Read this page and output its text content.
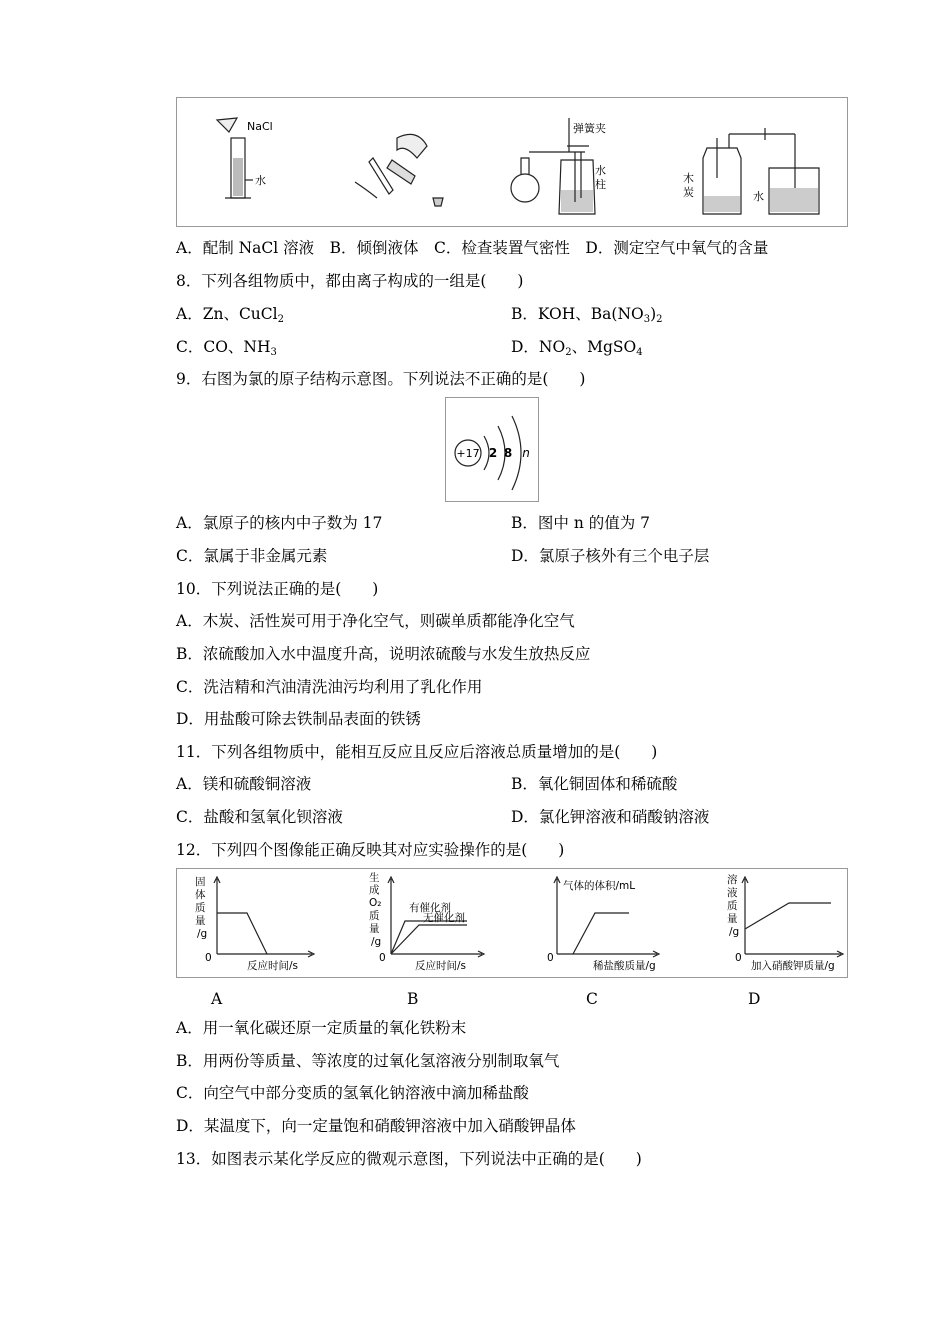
NaCl
水
弹簧夹
水
柱	木
炭	水
A．配制 NaCl 溶液　B．倾倒液体　C．检查装置气密性　D．测定空气中氧气的含量
8．下列各组物质中，都由离子构成的一组是(　　)
A．Zn、CuCl$_2$	B．KOH、$Ba(NO_3)_2$
C．CO、$NH_3$	D．$NO_2$、MgSO$_4$
9．右图为氯的原子结构示意图。下列说法不正确的是(　　)
+17 2 8 n
A．氯原子的核内中子数为 17	B．图中 n 的值为 7
C．氯属于非金属元素	D．氯原子核外有三个电子层
10．下列说法正确的是(　　)
A．木炭、活性炭可用于净化空气，则碳单质都能净化空气
B．浓硫酸加入水中温度升高，说明浓硫酸与水发生放热反应
C．洗洁精和汽油清洗油污均利用了乳化作用
D．用盐酸可除去铁制品表面的铁锈
11．下列各组物质中，能相互反应且反应后溶液总质量增加的是(　　)
A．镁和硫酸铜溶液	B．氧化铜固体和稀硫酸
C．盐酸和氢氧化钡溶液	D．氯化钾溶液和硝酸钠溶液
12．下列四个图像能正确反映其对应实验操作的是(　　)
固
体
质
量
/g
0
反应时间/s
生
成
O₂
质
量
/g
0
有催化剂
无催化剂
反应时间/s
气体的体积/mL
0
稀盐酸质量/g
溶
液
质
量
/g
0
加入硝酸钾质量/g
A	B	C	D
A．用一氧化碳还原一定质量的氧化铁粉末
B．用两份等质量、等浓度的过氧化氢溶液分别制取氧气
C．向空气中部分变质的氢氧化钠溶液中滴加稀盐酸
D．某温度下，向一定量饱和硝酸钾溶液中加入硝酸钾晶体
13．如图表示某化学反应的微观示意图，下列说法中正确的是(　　)
